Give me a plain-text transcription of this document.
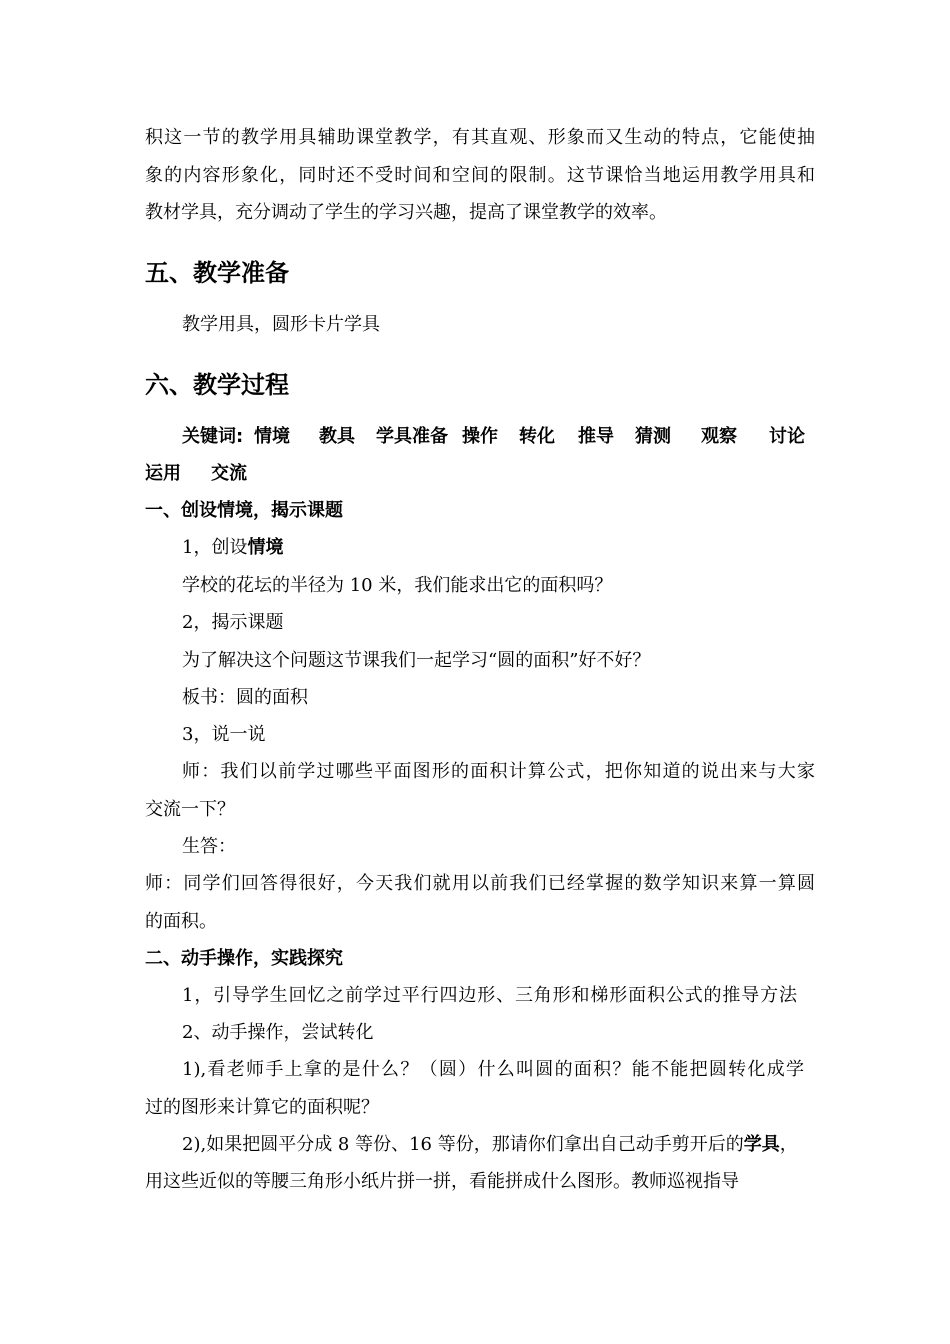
积这一节的教学用具辅助课堂教学，有其直观、形象而又生动的特点，它能使抽
象的内容形象化，同时还不受时间和空间的限制。这节课恰当地运用教学用具和
教材学具，充分调动了学生的学习兴趣，提高了课堂教学的效率。
五、教学准备
教学用具，圆形卡片学具
六、教学过程
关键词: 情境 教具 学具准备 操作 转化 推导 猜测 观察 讨论
运用 交流
一、创设情境，揭示课题
1，创设情境
学校的花坛的半径为 10 米，我们能求出它的面积吗？
2，揭示课题
为了解决这个问题这节课我们一起学习“圆的面积”好不好？
板书：圆的面积
3，说一说
师：我们以前学过哪些平面图形的面积计算公式，把你知道的说出来与大家
交流一下？
生答：
师：同学们回答得很好，今天我们就用以前我们已经掌握的数学知识来算一算圆
的面积。
二、动手操作，实践探究
1，引导学生回忆之前学过平行四边形、三角形和梯形面积公式的推导方法
2、动手操作，尝试转化
1),看老师手上拿的是什么？（圆）什么叫圆的面积？能不能把圆转化成学
过的图形来计算它的面积呢？
2),如果把圆平分成 8 等份、16 等份，那请你们拿出自己动手剪开后的学具，
用这些近似的等腰三角形小纸片拼一拼，看能拼成什么图形。教师巡视指导
